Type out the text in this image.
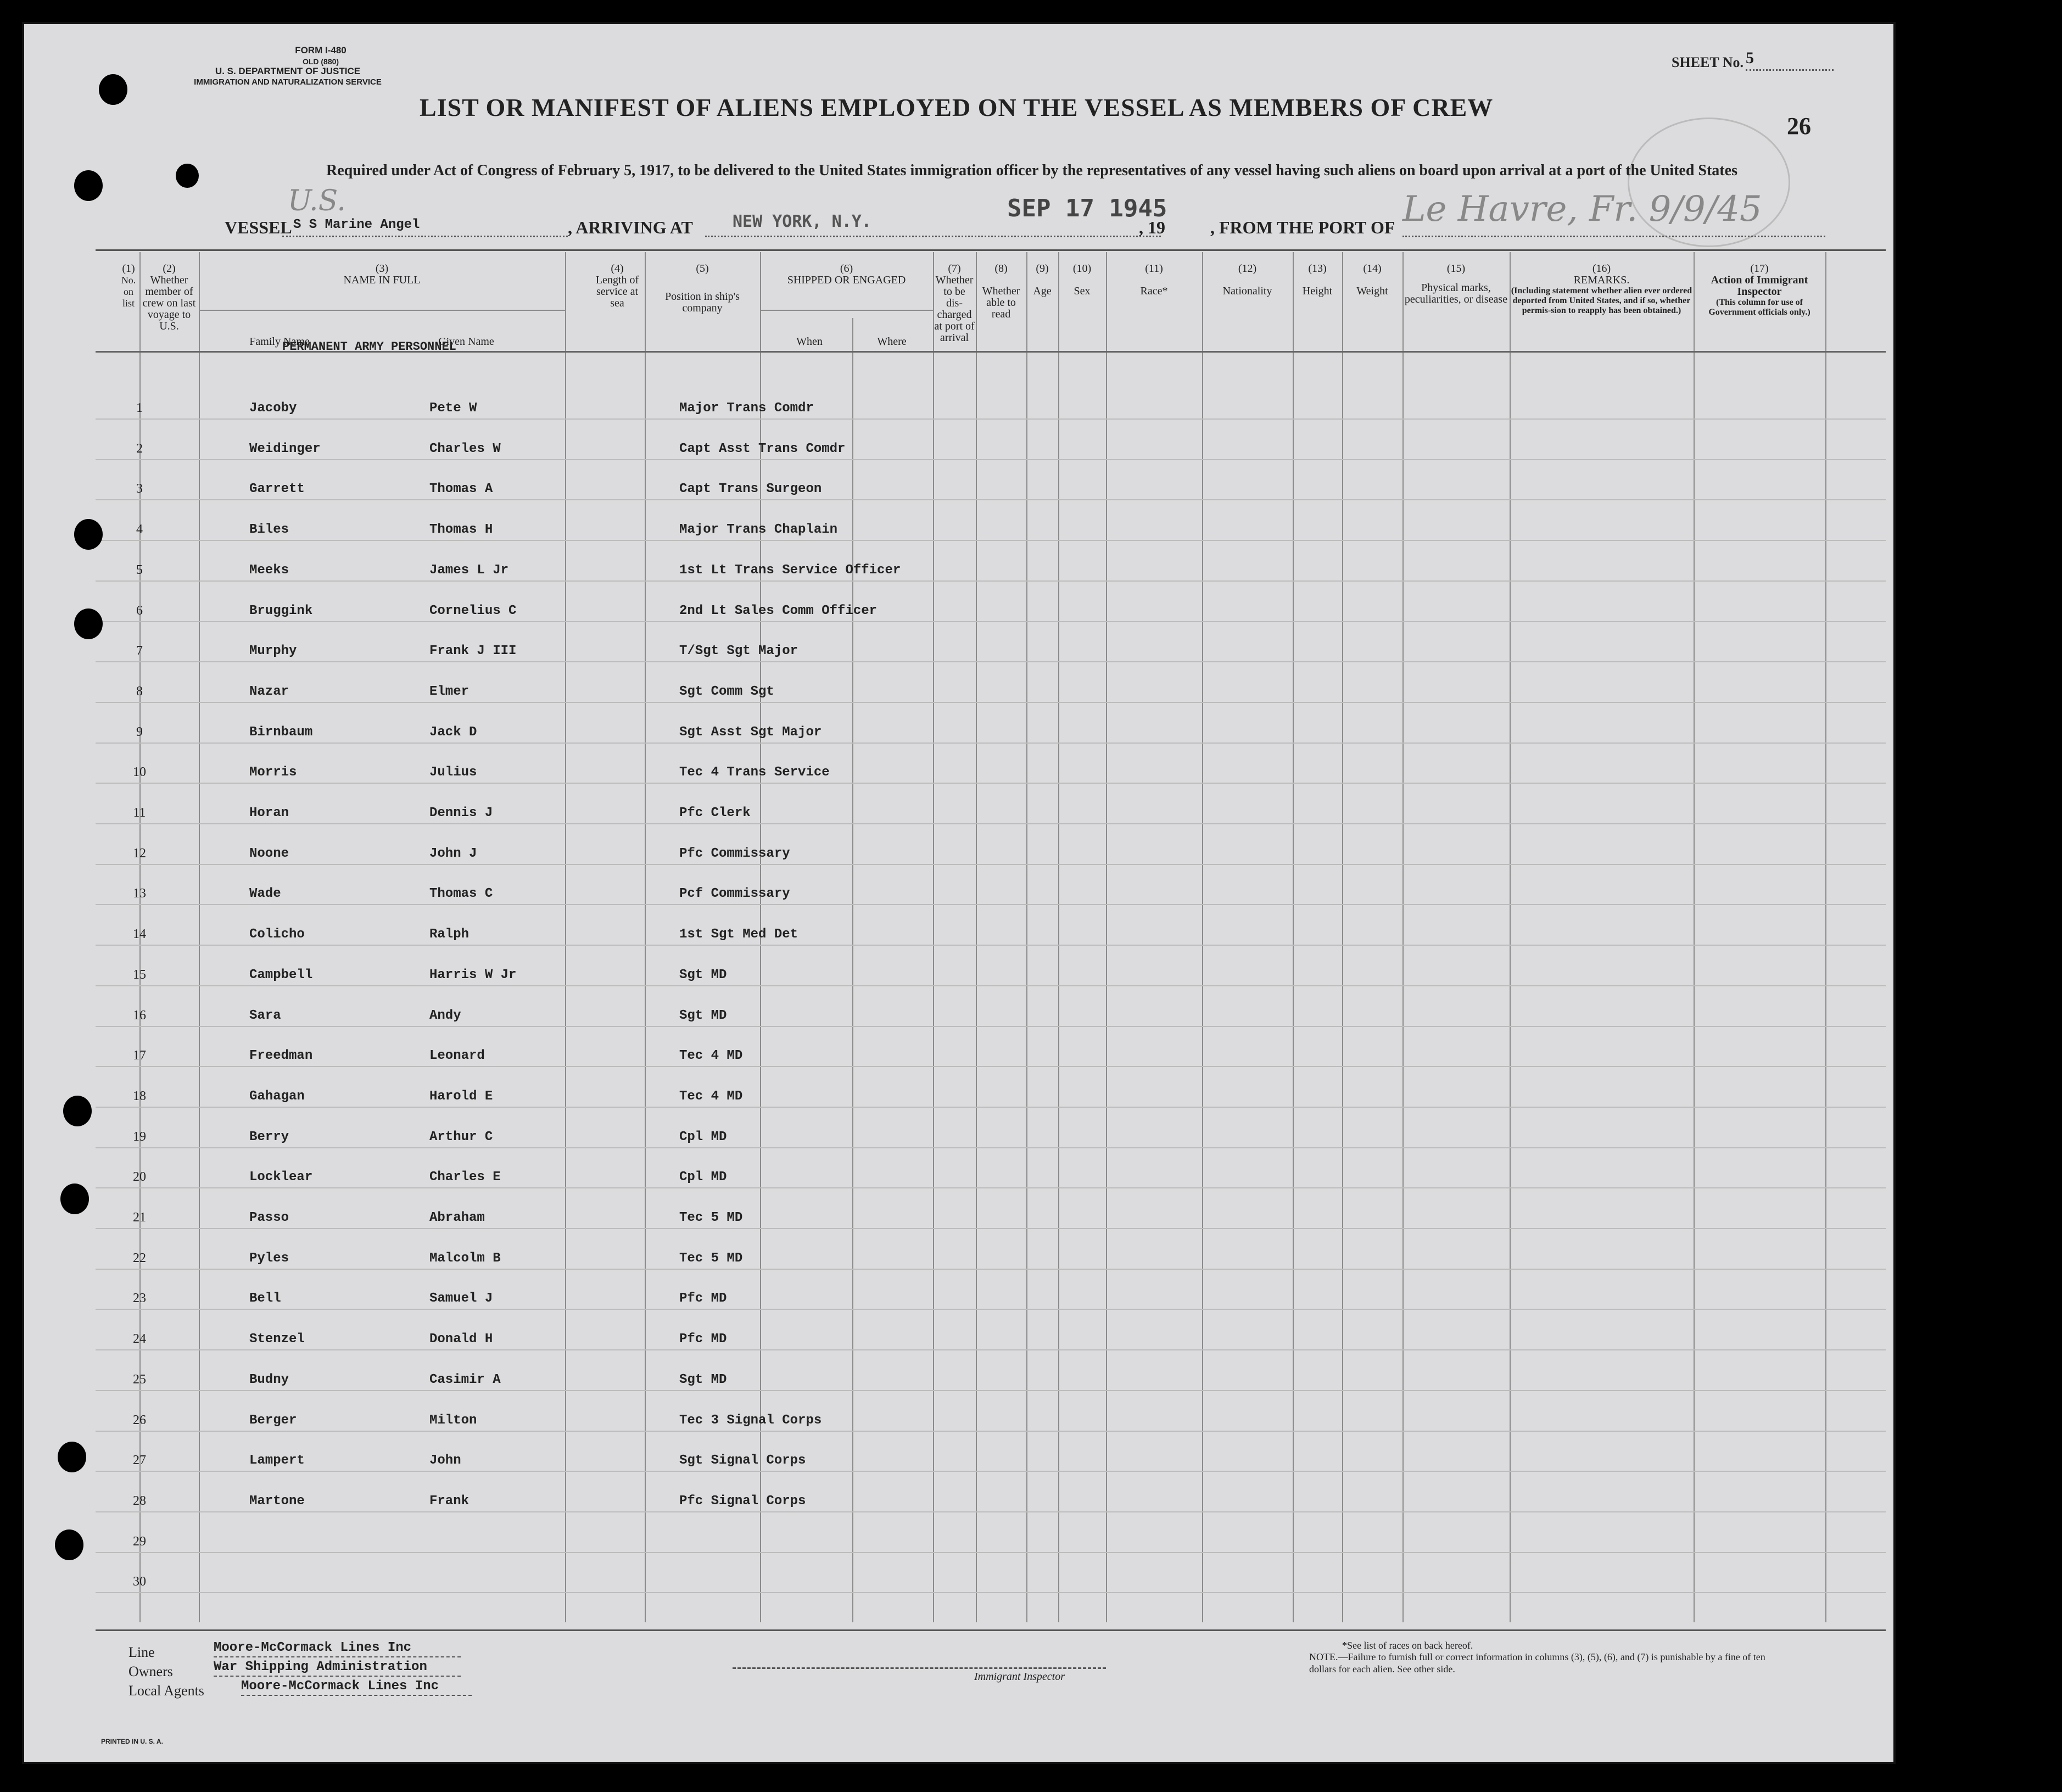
FORM I-480
OLD (880)
U. S. DEPARTMENT OF JUSTICE
IMMIGRATION AND NATURALIZATION SERVICE
SHEET No. 5
26
LIST OR MANIFEST OF ALIENS EMPLOYED ON THE VESSEL AS MEMBERS OF CREW
Required under Act of Congress of February 5, 1917, to be delivered to the United States immigration officer by the representatives of any vessel having such aliens on board upon arrival at a port of the United States
VESSEL S S Marine Angel
U.S.
, ARRIVING AT NEW YORK, N.Y.	SEP 17 1945
, 19	, FROM THE PORT OF Le Havre, Fr. 9/9/45
(1)
No. on list
(2)
Whether member of crew on last voyage to U.S.
(3)
NAME IN FULL
Family Name	Given Name
(4)
Length of service at sea
(5)
Position in ship's company
(6)
SHIPPED OR ENGAGED
When	Where
(7)
Whether to be dis-charged at port of arrival
(8)
Whether able to read
(9)
Age
(10)
Sex
(11)
Race*
(12)
Nationality
(13)
Height
(14)
Weight
(15)
Physical marks, peculiarities, or disease
(16)
REMARKS.
(Including statement whether alien ever ordered deported from United States, and if so, whether permis-sion to reapply has been obtained.)
(17)
Action of Immigrant Inspector
(This column for use of Government officials only.)
PERMANENT ARMY PERSONNEL
1	Jacoby	Pete W	Major Trans Comdr
2	Weidinger	Charles W	Capt Asst Trans Comdr
3	Garrett	Thomas A	Capt Trans Surgeon
4	Biles	Thomas H	Major Trans Chaplain
5	Meeks	James L Jr	1st Lt Trans Service Officer
6	Bruggink	Cornelius C	2nd Lt Sales Comm Officer
7	Murphy	Frank J III	T/Sgt Sgt Major
8	Nazar	Elmer	Sgt Comm Sgt
9	Birnbaum	Jack D	Sgt Asst Sgt Major
10	Morris	Julius	Tec 4 Trans Service
11	Horan	Dennis J	Pfc Clerk
12	Noone	John J	Pfc Commissary
13	Wade	Thomas C	Pcf Commissary
14	Colicho	Ralph	1st Sgt Med Det
15	Campbell	Harris W Jr	Sgt MD
16	Sara	Andy	Sgt MD
17	Freedman	Leonard	Tec 4 MD
18	Gahagan	Harold E	Tec 4 MD
19	Berry	Arthur C	Cpl MD
20	Locklear	Charles E	Cpl MD
21	Passo	Abraham	Tec 5 MD
22	Pyles	Malcolm B	Tec 5 MD
23	Bell	Samuel J	Pfc MD
24	Stenzel	Donald H	Pfc MD
25	Budny	Casimir A	Sgt MD
26	Berger	Milton	Tec 3 Signal Corps
27	Lampert	John	Sgt Signal Corps
28	Martone	Frank	Pfc Signal Corps
29
30
Line	Moore-McCormack Lines Inc
Owners	War Shipping Administration
Local Agents	Moore-McCormack Lines Inc
Immigrant Inspector
*See list of races on back hereof.
NOTE.—Failure to furnish full or correct information in columns (3), (5), (6), and (7) is punishable by a fine of ten dollars for each alien. See other side.
PRINTED IN U. S. A.
